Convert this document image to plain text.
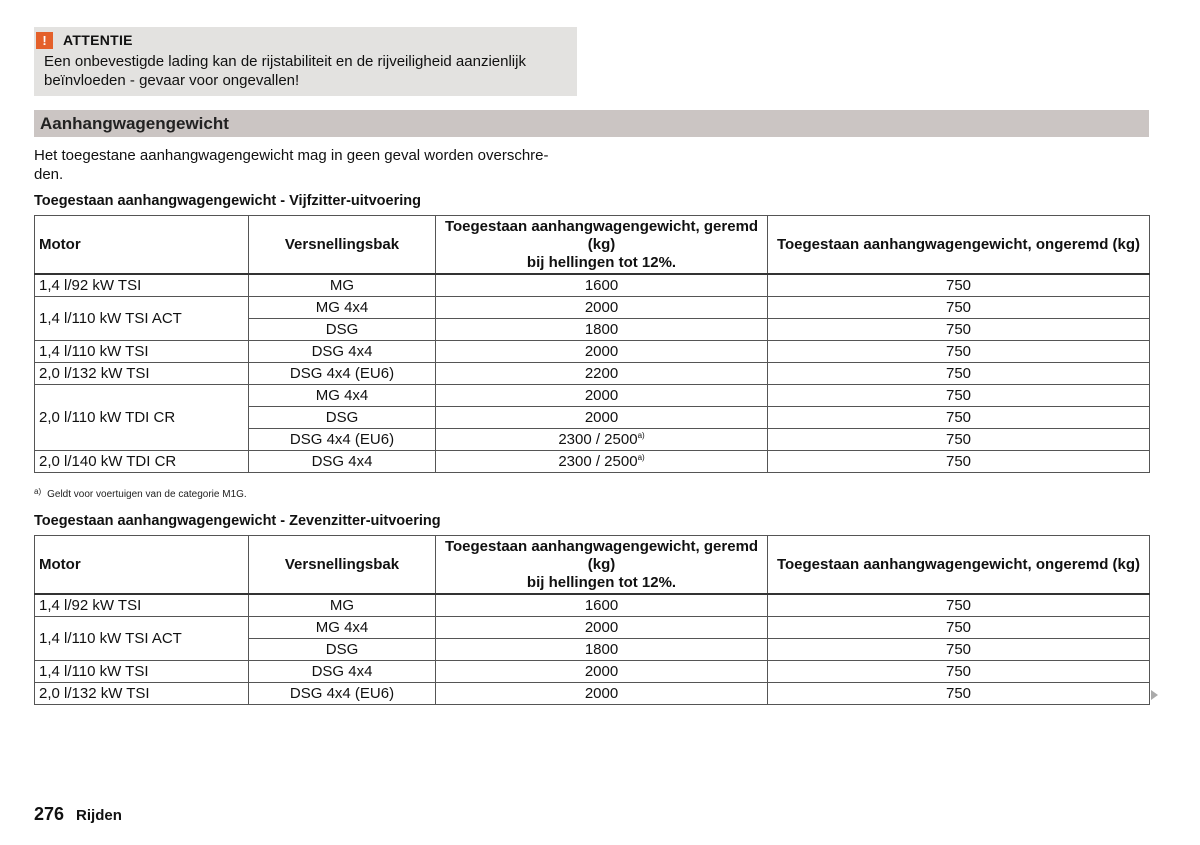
!	ATTENTIE
Een onbevestigde lading kan de rijstabiliteit en de rijveiligheid aanzienlijk
beïnvloeden - gevaar voor ongevallen!
Aanhangwagengewicht
Het toegestane aanhangwagengewicht mag in geen geval worden overschre-
den.
Toegestaan aanhangwagengewicht - Vijfzitter-uitvoering
Motor	Versnellingsbak	Toegestaan aanhangwagengewicht, geremd
(kg)
bij hellingen tot 12%.	Toegestaan aanhangwagengewicht, ongeremd (kg)
1,4 l/92 kW TSI	MG	1600	750
1,4 l/110 kW TSI ACT	MG 4x4	2000	750
	DSG	1800	750
1,4 l/110 kW TSI	DSG 4x4	2000	750
2,0 l/132 kW TSI	DSG 4x4 (EU6)	2200	750
2,0 l/110 kW TDI CR	MG 4x4	2000	750
	DSG	2000	750
	DSG 4x4 (EU6)	2300 / 2500$^{a)}$	750
2,0 l/140 kW TDI CR	DSG 4x4	2300 / 2500$^{a)}$	750
$^{a)}$ Geldt voor voertuigen van de categorie M1G.
Toegestaan aanhangwagengewicht - Zevenzitter-uitvoering
Motor	Versnellingsbak	Toegestaan aanhangwagengewicht, geremd
(kg)
bij hellingen tot 12%.	Toegestaan aanhangwagengewicht, ongeremd (kg)
1,4 l/92 kW TSI	MG	1600	750
1,4 l/110 kW TSI ACT	MG 4x4	2000	750
	DSG	1800	750
1,4 l/110 kW TSI	DSG 4x4	2000	750
2,0 l/132 kW TSI	DSG 4x4 (EU6)	2000	750
276 Rijden
